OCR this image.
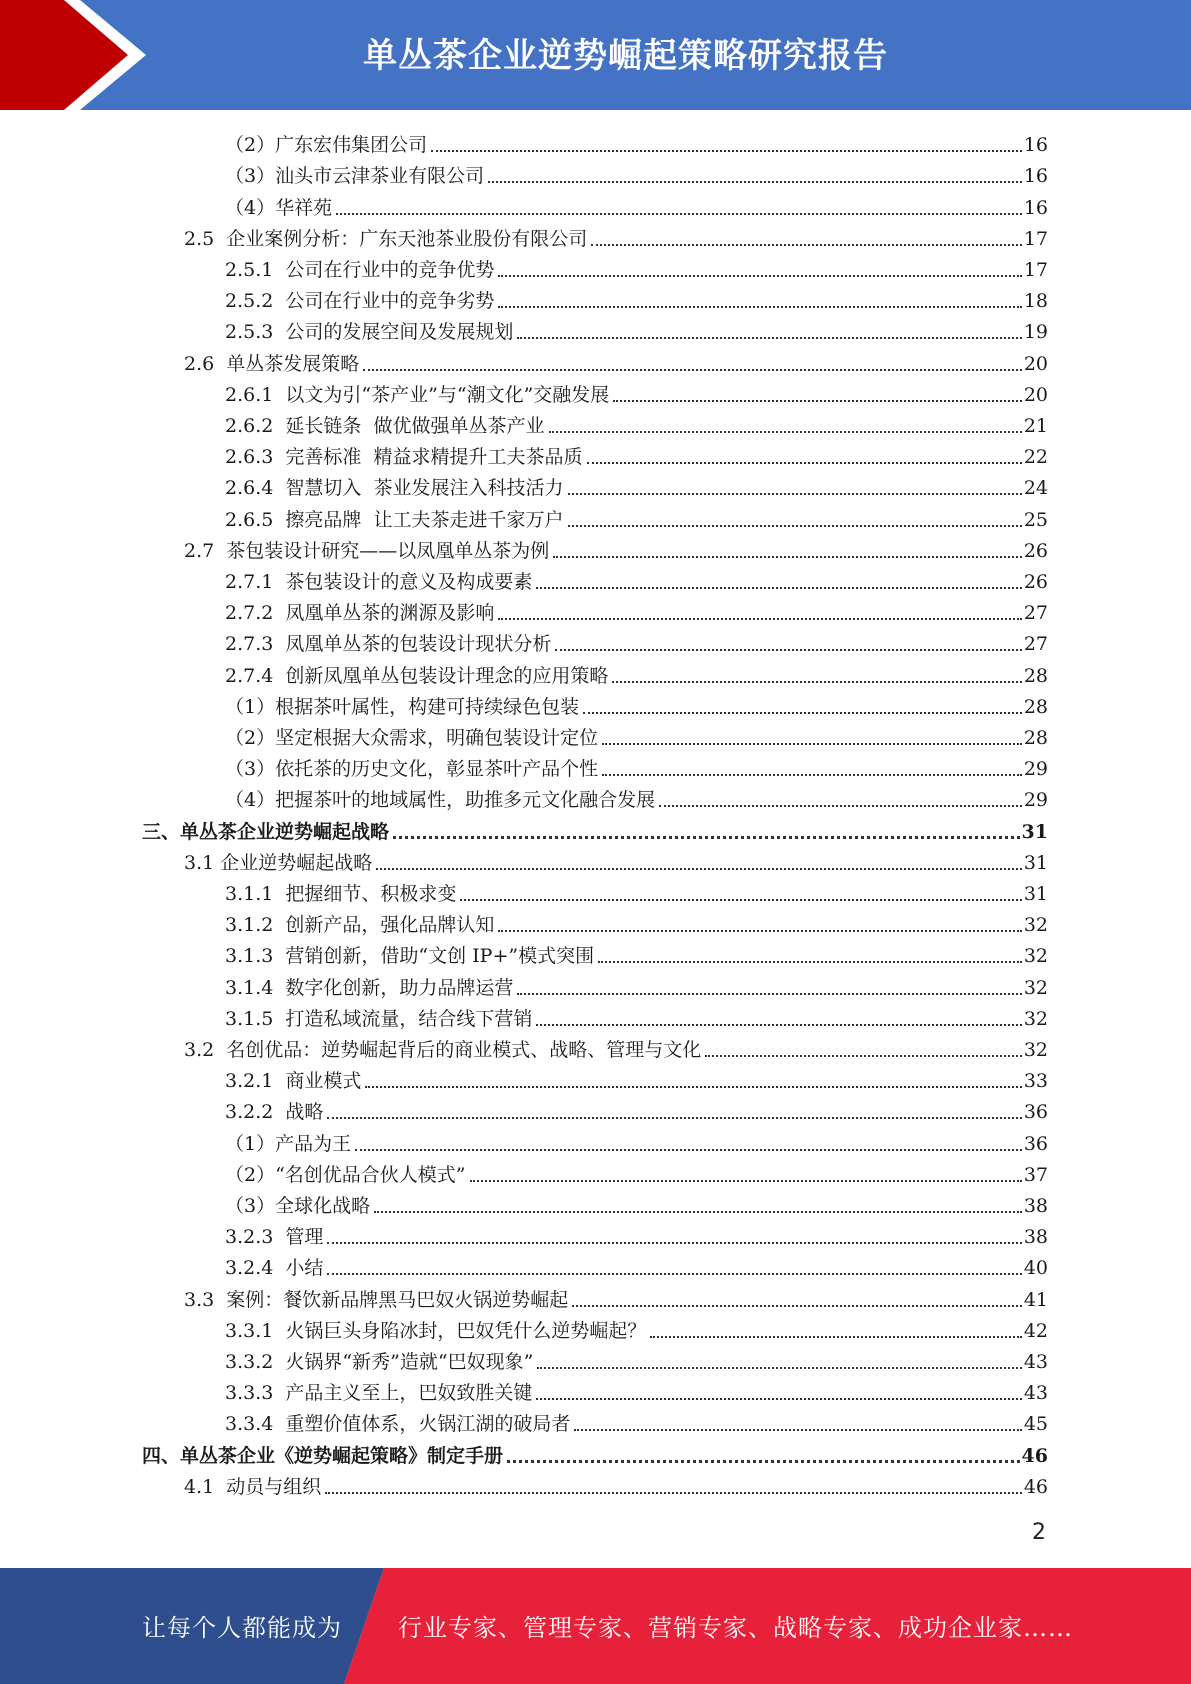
单丛茶企业逆势崛起策略研究报告
（2）广东宏伟集团公司	16
（3）汕头市云津茶业有限公司	16
（4）华祥苑	16
2.5  企业案例分析：广东天池茶业股份有限公司	17
2.5.1  公司在行业中的竞争优势	17
2.5.2  公司在行业中的竞争劣势	18
2.5.3  公司的发展空间及发展规划	19
2.6  单丛茶发展策略	20
2.6.1  以文为引“茶产业”与“潮文化”交融发展	20
2.6.2  延长链条  做优做强单丛茶产业	21
2.6.3  完善标准  精益求精提升工夫茶品质	22
2.6.4  智慧切入  茶业发展注入科技活力	24
2.6.5  擦亮品牌  让工夫茶走进千家万户	25
2.7  茶包装设计研究——以凤凰单丛茶为例	26
2.7.1  茶包装设计的意义及构成要素	26
2.7.2  凤凰单丛茶的渊源及影响	27
2.7.3  凤凰单丛茶的包装设计现状分析	27
2.7.4  创新凤凰单丛包装设计理念的应用策略	28
（1）根据茶叶属性，构建可持续绿色包装	28
（2）坚定根据大众需求，明确包装设计定位	28
（3）依托茶的历史文化，彰显茶叶产品个性	29
（4）把握茶叶的地域属性，助推多元文化融合发展	29
三、单丛茶企业逆势崛起战略	31
3.1 企业逆势崛起战略	31
3.1.1  把握细节、积极求变	31
3.1.2  创新产品，强化品牌认知	32
3.1.3  营销创新，借助“文创 IP+”模式突围	32
3.1.4  数字化创新，助力品牌运营	32
3.1.5  打造私域流量，结合线下营销	32
3.2  名创优品：逆势崛起背后的商业模式、战略、管理与文化	32
3.2.1  商业模式	33
3.2.2  战略	36
（1）产品为王	36
（2）“名创优品合伙人模式”	37
（3）全球化战略	38
3.2.3  管理	38
3.2.4  小结	40
3.3  案例：餐饮新品牌黑马巴奴火锅逆势崛起	41
3.3.1  火锅巨头身陷冰封，巴奴凭什么逆势崛起？	42
3.3.2  火锅界“新秀”造就“巴奴现象”	43
3.3.3  产品主义至上，巴奴致胜关键	43
3.3.4  重塑价值体系，火锅江湖的破局者	45
四、单丛茶企业《逆势崛起策略》制定手册	46
4.1  动员与组织	46
2
让每个人都能成为 行业专家、管理专家、营销专家、战略专家、成功企业家……
